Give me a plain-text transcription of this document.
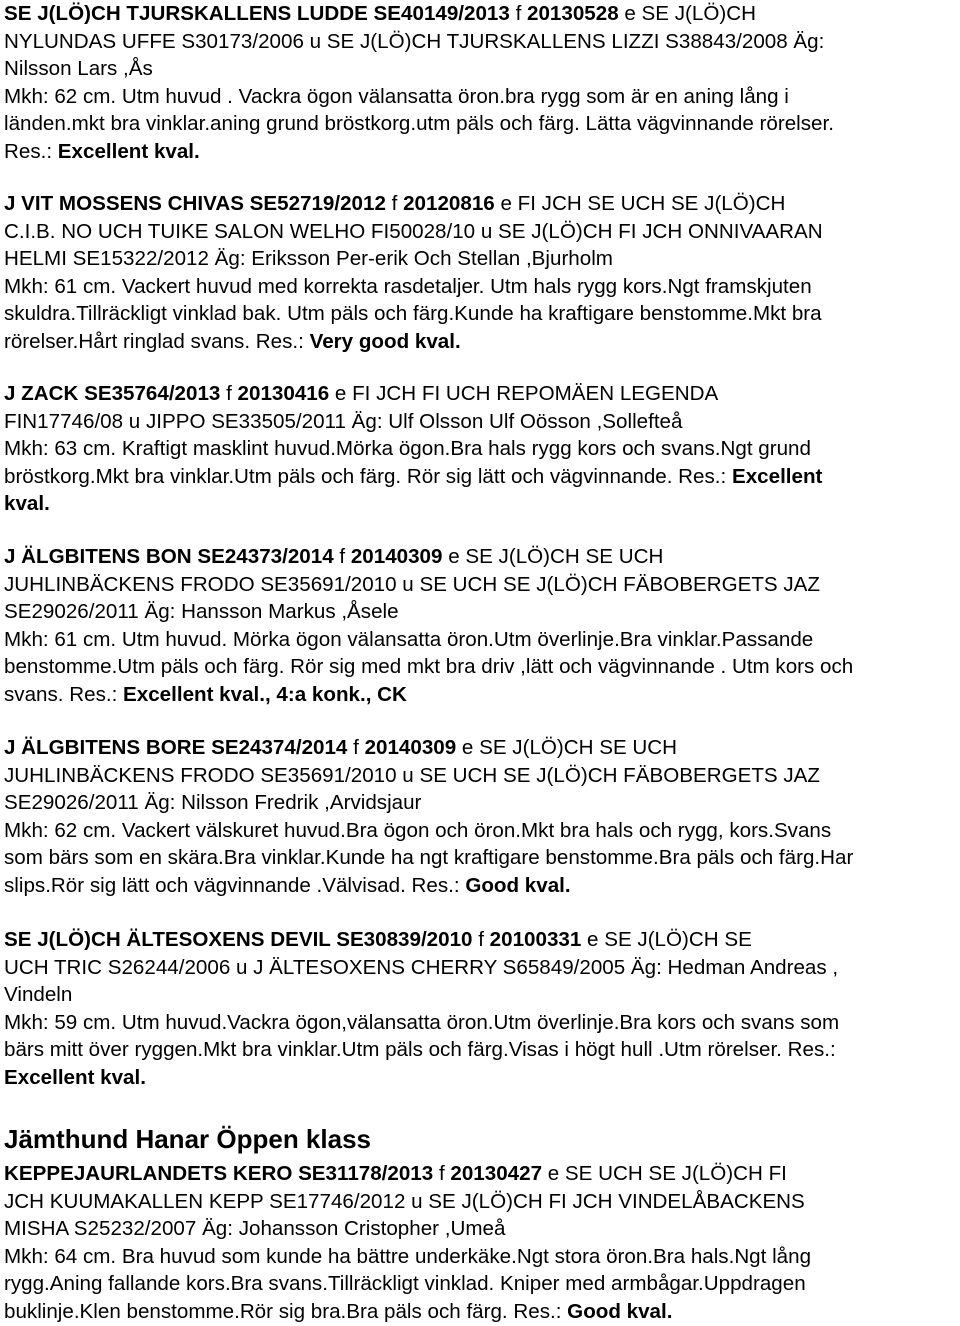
SE J(LÖ)CH TJURSKALLENS LUDDE SE40149/2013 f 20130528 e SE J(LÖ)CH

NYLUNDAS UFFE S30173/2006 u SE J(LÖ)CH TJURSKALLENS LIZZI S38843/2008 Äg:

Nilsson Lars ,Ås

Mkh: 62 cm. Utm huvud . Vackra ögon välansatta öron.bra rygg som är en aning lång i

länden.mkt bra vinklar.aning grund bröstkorg.utm päls och färg. Lätta vägvinnande rörelser.

Res.: Excellent kval.

J VIT MOSSENS CHIVAS SE52719/2012 f 20120816 e FI JCH SE UCH SE J(LÖ)CH

C.I.B. NO UCH TUIKE SALON WELHO FI50028/10 u SE J(LÖ)CH FI JCH ONNIVAARAN

HELMI SE15322/2012 Äg: Eriksson Per-erik Och Stellan ,Bjurholm

Mkh: 61 cm. Vackert huvud med korrekta rasdetaljer. Utm hals rygg kors.Ngt framskjuten

skuldra.Tillräckligt vinklad bak. Utm päls och färg.Kunde ha kraftigare benstomme.Mkt bra

rörelser.Hårt ringlad svans. Res.: Very good kval.

J ZACK SE35764/2013 f 20130416 e FI JCH FI UCH REPOMÄEN LEGENDA

FIN17746/08 u JIPPO SE33505/2011 Äg: Ulf Olsson Ulf Oösson ,Sollefteå

Mkh: 63 cm. Kraftigt masklint huvud.Mörka ögon.Bra hals rygg kors och svans.Ngt grund

bröstkorg.Mkt bra vinklar.Utm päls och färg. Rör sig lätt och vägvinnande. Res.: Excellent

kval.

J ÄLGBITENS BON SE24373/2014 f 20140309 e SE J(LÖ)CH SE UCH

JUHLINBÄCKENS FRODO SE35691/2010 u SE UCH SE J(LÖ)CH FÄBOBERGETS JAZ

SE29026/2011 Äg: Hansson Markus ,Åsele

Mkh: 61 cm. Utm huvud. Mörka ögon välansatta öron.Utm överlinje.Bra vinklar.Passande

benstomme.Utm päls och färg. Rör sig med mkt bra driv ,lätt och vägvinnande . Utm kors och

svans. Res.: Excellent kval., 4:a konk., CK

J ÄLGBITENS BORE SE24374/2014 f 20140309 e SE J(LÖ)CH SE UCH

JUHLINBÄCKENS FRODO SE35691/2010 u SE UCH SE J(LÖ)CH FÄBOBERGETS JAZ

SE29026/2011 Äg: Nilsson Fredrik ,Arvidsjaur

Mkh: 62 cm. Vackert välskuret huvud.Bra ögon och öron.Mkt bra hals och rygg, kors.Svans

som bärs som en skära.Bra vinklar.Kunde ha ngt kraftigare benstomme.Bra päls och färg.Har

slips.Rör sig lätt och vägvinnande .Välvisad. Res.: Good kval.

SE J(LÖ)CH ÄLTESOXENS DEVIL SE30839/2010 f 20100331 e SE J(LÖ)CH SE

UCH TRIC S26244/2006 u J ÄLTESOXENS CHERRY S65849/2005 Äg: Hedman Andreas ,

Vindeln

Mkh: 59 cm. Utm huvud.Vackra ögon,välansatta öron.Utm överlinje.Bra kors och svans som

bärs mitt över ryggen.Mkt bra vinklar.Utm päls och färg.Visas i högt hull .Utm rörelser. Res.:

Excellent kval.

Jämthund Hanar Öppen klass

KEPPEJAURLANDETS KERO SE31178/2013 f 20130427 e SE UCH SE J(LÖ)CH FI

JCH KUUMAKALLEN KEPP SE17746/2012 u SE J(LÖ)CH FI JCH VINDELÅBACKENS

MISHA S25232/2007 Äg: Johansson Cristopher ,Umeå

Mkh: 64 cm. Bra huvud som kunde ha bättre underkäke.Ngt stora öron.Bra hals.Ngt lång

rygg.Aning fallande kors.Bra svans.Tillräckligt vinklad. Kniper med armbågar.Uppdragen

buklinje.Klen benstomme.Rör sig bra.Bra päls och färg. Res.: Good kval.
